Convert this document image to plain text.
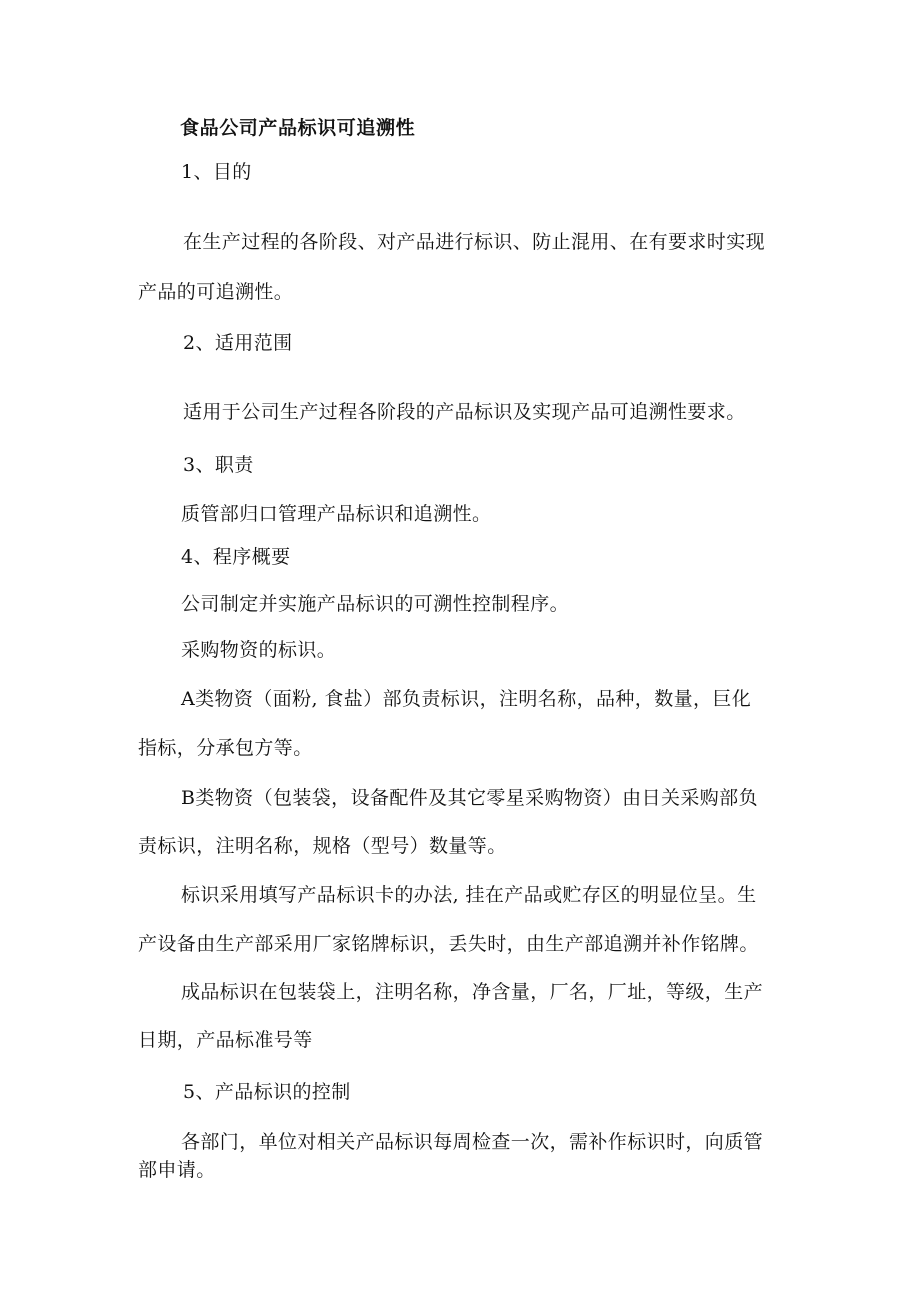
食品公司产品标识可追溯性
1、目的
在生产过程的各阶段、对产品进行标识、防止混用、在有要求时实现
产品的可追溯性。
2、适用范围
适用于公司生产过程各阶段的产品标识及实现产品可追溯性要求。
3、职责
质管部归口管理产品标识和追溯性。
4、程序概要
公司制定并实施产品标识的可溯性控制程序。
采购物资的标识。
A类物资（面粉, 食盐）部负责标识，注明名称，品种，数量，巨化
指标，分承包方等。
B类物资（包装袋，设备配件及其它零星采购物资）由日关采购部负
责标识，注明名称，规格（型号）数量等。
标识采用填写产品标识卡的办法, 挂在产品或贮存区的明显位呈。生
产设备由生产部采用厂家铭牌标识，丢失时，由生产部追溯并补作铭牌。
成品标识在包装袋上，注明名称，净含量，厂名，厂址，等级，生产
日期，产品标准号等
5、产品标识的控制
各部门，单位对相关产品标识每周检查一次，需补作标识时，向质管
部申请。
